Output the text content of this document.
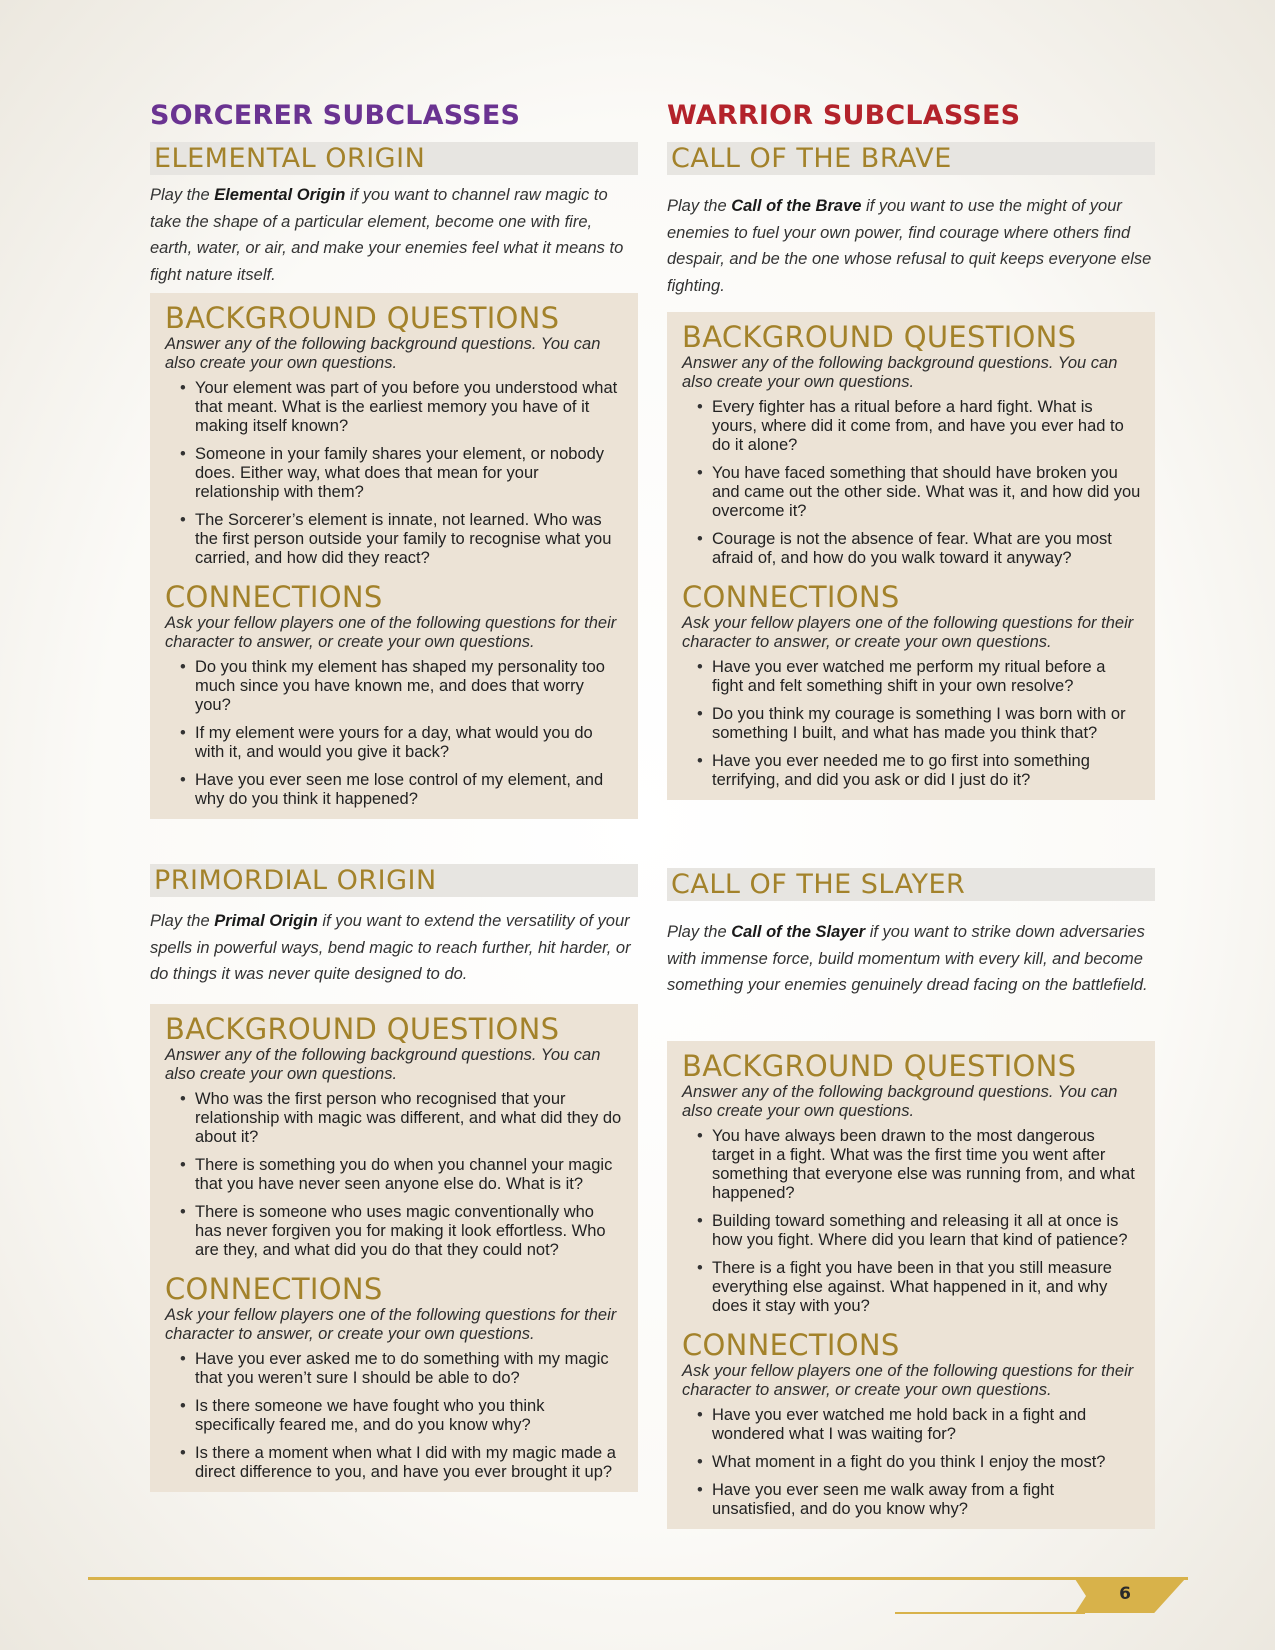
SORCERER SUBCLASSES
ELEMENTAL ORIGIN

Play the Elemental Origin if you want to channel raw magic to take the shape of a particular element, become one with fire, earth, water, or air, and make your enemies feel what it means to fight nature itself.

BACKGROUND QUESTIONS

Answer any of the following background questions. You can also create your own questions.

• Your element was part of you before you understood what that meant. What is the earliest memory you have of it making itself known?
• Someone in your family shares your element, or nobody does. Either way, what does that mean for your relationship with them?
• The Sorcerer’s element is innate, not learned. Who was the first person outside your family to recognise what you carried, and how did they react?
CONNECTIONS

Ask your fellow players one of the following questions for their character to answer, or create your own questions.

• Do you think my element has shaped my personality too much since you have known me, and does that worry you?
• If my element were yours for a day, what would you do with it, and would you give it back?
• Have you ever seen me lose control of my element, and why do you think it happened?
PRIMORDIAL ORIGIN

Play the Primal Origin if you want to extend the versatility of your spells in powerful ways, bend magic to reach further, hit harder, or do things it was never quite designed to do.

BACKGROUND QUESTIONS

Answer any of the following background questions. You can also create your own questions.

• Who was the first person who recognised that your relationship with magic was different, and what did they do about it?
• There is something you do when you channel your magic that you have never seen anyone else do. What is it?
• There is someone who uses magic conventionally who has never forgiven you for making it look effortless. Who are they, and what did you do that they could not?
CONNECTIONS

Ask your fellow players one of the following questions for their character to answer, or create your own questions.

• Have you ever asked me to do something with my magic that you weren’t sure I should be able to do?
• Is there someone we have fought who you think specifically feared me, and do you know why?
• Is there a moment when what I did with my magic made a direct difference to you, and have you ever brought it up?
WARRIOR SUBCLASSES
CALL OF THE BRAVE

Play the Call of the Brave if you want to use the might of your enemies to fuel your own power, find courage where others find despair, and be the one whose refusal to quit keeps everyone else fighting.

BACKGROUND QUESTIONS

Answer any of the following background questions. You can also create your own questions.

• Every fighter has a ritual before a hard fight. What is yours, where did it come from, and have you ever had to do it alone?
• You have faced something that should have broken you and came out the other side. What was it, and how did you overcome it?
• Courage is not the absence of fear. What are you most afraid of, and how do you walk toward it anyway?
CONNECTIONS

Ask your fellow players one of the following questions for their character to answer, or create your own questions.

• Have you ever watched me perform my ritual before a fight and felt something shift in your own resolve?
• Do you think my courage is something I was born with or something I built, and what has made you think that?
• Have you ever needed me to go first into something terrifying, and did you ask or did I just do it?
CALL OF THE SLAYER

Play the Call of the Slayer if you want to strike down adversaries with immense force, build momentum with every kill, and become something your enemies genuinely dread facing on the battlefield.

BACKGROUND QUESTIONS

Answer any of the following background questions. You can also create your own questions.

• You have always been drawn to the most dangerous target in a fight. What was the first time you went after something that everyone else was running from, and what happened?
• Building toward something and releasing it all at once is how you fight. Where did you learn that kind of patience?
• There is a fight you have been in that you still measure everything else against. What happened in it, and why does it stay with you?
CONNECTIONS

Ask your fellow players one of the following questions for their character to answer, or create your own questions.

• Have you ever watched me hold back in a fight and wondered what I was waiting for?
• What moment in a fight do you think I enjoy the most?
• Have you ever seen me walk away from a fight unsatisfied, and do you know why?
6
